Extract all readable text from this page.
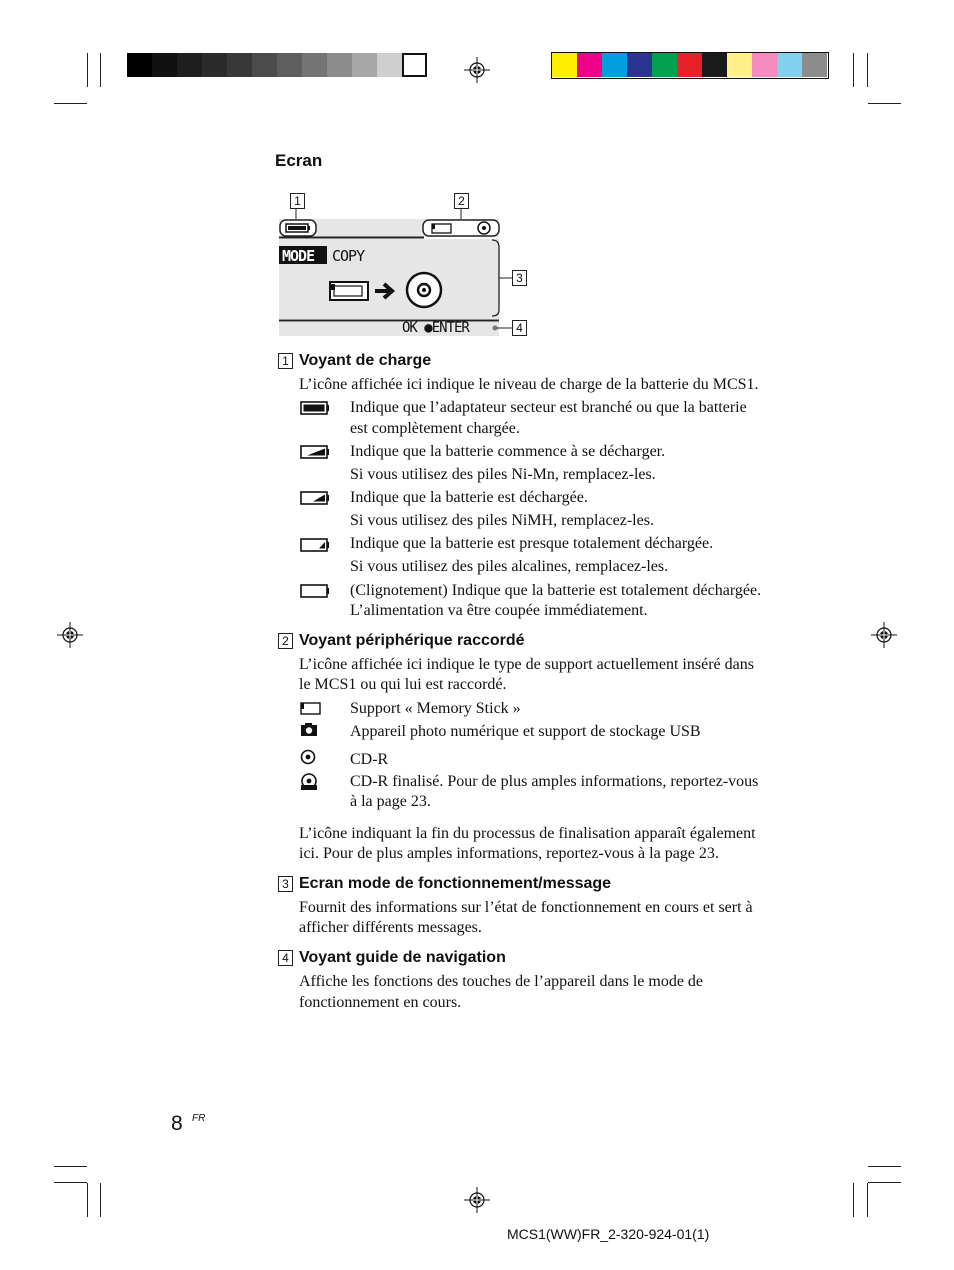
Ecran
1	2
3
4
MODE COPY
OK ●ENTER
1 Voyant de charge
L’icône affichée ici indique le niveau de charge de la batterie du MCS1.
Indique que l’adaptateur secteur est branché ou que la batterie
est complètement chargée.
Indique que la batterie commence à se décharger.
Si vous utilisez des piles Ni-Mn, remplacez-les.
Indique que la batterie est déchargée.
Si vous utilisez des piles NiMH, remplacez-les.
Indique que la batterie est presque totalement déchargée.
Si vous utilisez des piles alcalines, remplacez-les.
(Clignotement) Indique que la batterie est totalement déchargée.
L’alimentation va être coupée immédiatement.
2 Voyant périphérique raccordé
L’icône affichée ici indique le type de support actuellement inséré dans
le MCS1 ou qui lui est raccordé.
Support « Memory Stick »
Appareil photo numérique et support de stockage USB
CD-R
CD-R finalisé. Pour de plus amples informations, reportez-vous
à la page 23.
L’icône indiquant la fin du processus de finalisation apparaît également
ici. Pour de plus amples informations, reportez-vous à la page 23.
3 Ecran mode de fonctionnement/message
Fournit des informations sur l’état de fonctionnement en cours et sert à
afficher différents messages.
4 Voyant guide de navigation
Affiche les fonctions des touches de l’appareil dans le mode de
fonctionnement en cours.
8 FR
MCS1(WW)FR_2-320-924-01(1)
